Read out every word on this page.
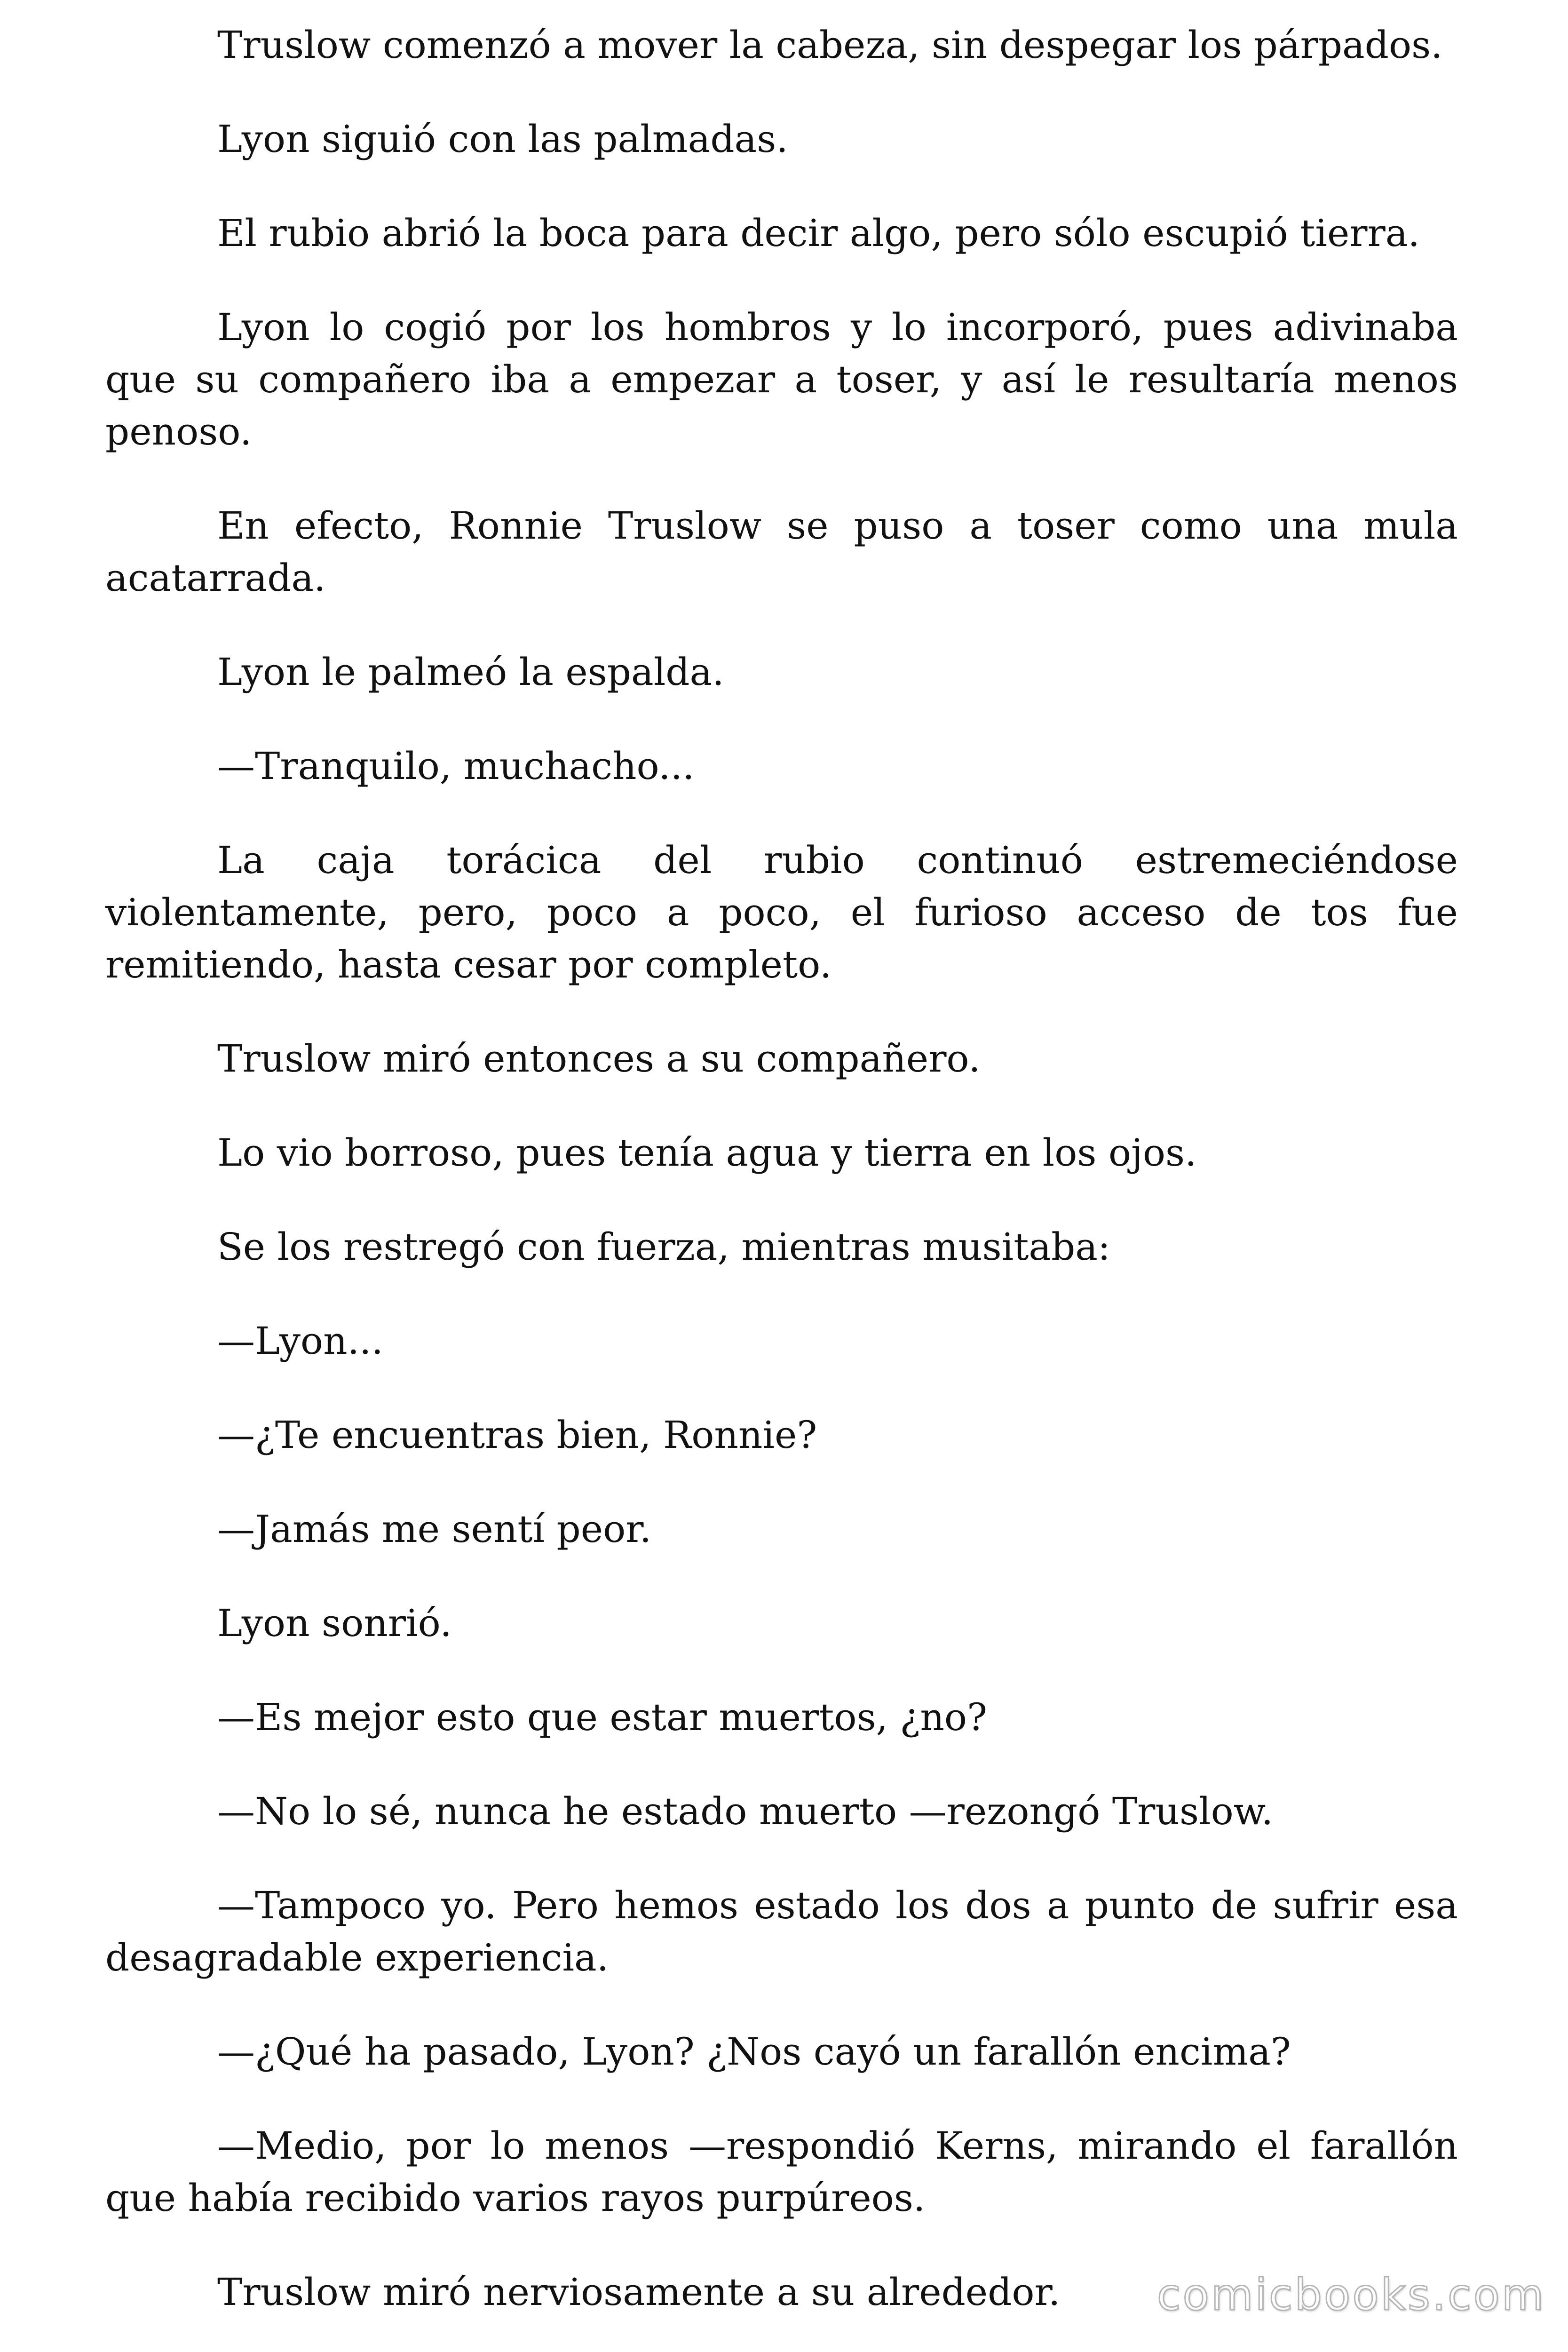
Truslow comenzó a mover la cabeza, sin despegar los párpados.

Lyon siguió con las palmadas.

El rubio abrió la boca para decir algo, pero sólo escupió tierra.

Lyon lo cogió por los hombros y lo incorporó, pues adivinaba que su compañero iba a empezar a toser, y así le resultaría menos penoso.

En efecto, Ronnie Truslow se puso a toser como una mula acatarrada.

Lyon le palmeó la espalda.

—Tranquilo, muchacho...

La caja torácica del rubio continuó estremeciéndose violentamente, pero, poco a poco, el furioso acceso de tos fue remitiendo, hasta cesar por completo.

Truslow miró entonces a su compañero.

Lo vio borroso, pues tenía agua y tierra en los ojos.

Se los restregó con fuerza, mientras musitaba:

—Lyon...

—¿Te encuentras bien, Ronnie?

—Jamás me sentí peor.

Lyon sonrió.

—Es mejor esto que estar muertos, ¿no?

—No lo sé, nunca he estado muerto —rezongó Truslow.

—Tampoco yo. Pero hemos estado los dos a punto de sufrir esa desagradable experiencia.

—¿Qué ha pasado, Lyon? ¿Nos cayó un farallón encima?

—Medio, por lo menos —respondió Kerns, mirando el farallón que había recibido varios rayos purpúreos.

Truslow miró nerviosamente a su alrededor.	comicbooks.com
